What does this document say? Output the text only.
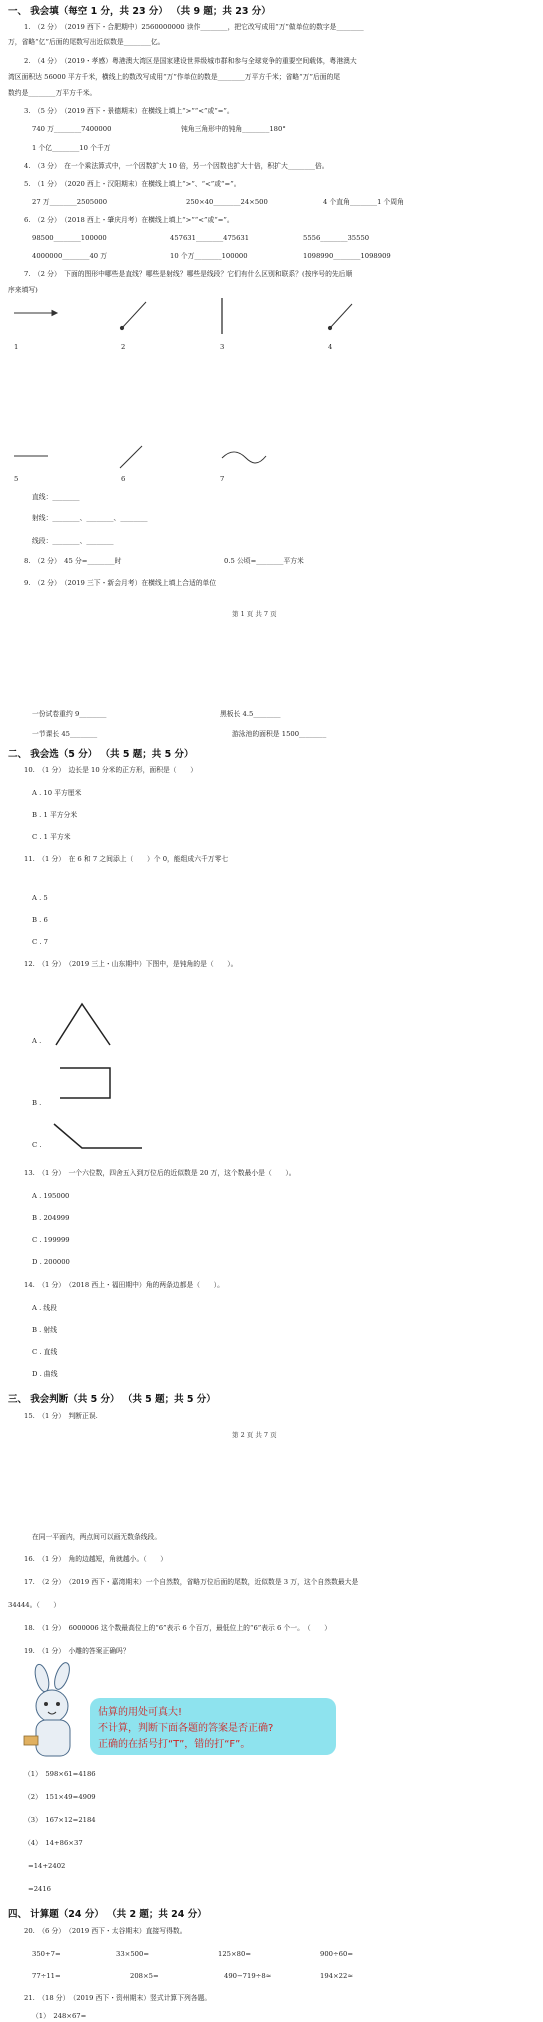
一、 我会填（每空 1 分，共 23 分） （共 9 题；共 23 分）
1.　（2 分）　（2019 西下・合肥期中）2560000000 读作________，把它改写成用“万”做单位的数字是________
万，省略“亿”后面的尾数写出近似数是________亿。
2.　（4 分）　（2019・孝感）粤港澳大湾区是国家建设世界级城市群和参与全球竞争的重要空间载体，粤港澳大
湾区面积达 56000 平方千米，横线上的数改写成用“万”作单位的数是________万平方千米；省略“万”后面的尾
数约是________万平方千米。
3.　（5 分）　（2019 西下・景德期末）在横线上填上“>”“<”或“=”。
740 万________7400000	钝角三角形中的钝角________180°
1 个亿________10 个千万
4.　（3 分）　在一个乘法算式中，一个因数扩大 10 倍，另一个因数也扩大十倍，积扩大________倍。
5.　（1 分）　（2020 西上・汉阳期末）在横线上填上“>”、“<”或“=”。
27 万________2505000	250×40________24×500	4 个直角________1 个周角
6.　（2 分）　（2018 西上・肇庆月考）在横线上填上“>”“<”或“=”。
98500________100000	457631________475631	5556________35550
4000000________40 万	10 个万________100000	1098990________1098909
7.　（2 分）　下面的图形中哪些是直线？哪些是射线？哪些是线段？它们有什么区别和联系？(按序号的先后顺
序来填写)
1	2	3	4
5	6	7
直线：________
射线：________、________、________
线段：________、________
8.　（2 分）　45 分=________时	0.5 公顷=________平方米
9.　（2 分）　（2019 三下・新会月考）在横线上填上合适的单位
第 1 页 共 7 页
一份试卷重约 9________	黑板长 4.5________
一节课长 45________	游泳池的面积是 1500________
二、 我会选（5 分） （共 5 题；共 5 分）
10.　（1 分）　边长是 10 分米的正方形，面积是（　　）
A . 10 平方厘米
B . 1 平方分米
C . 1 平方米
11.　（1 分）　在 6 和 7 之间添上（　　）个 0，能组成六千万零七
A . 5
B . 6
C . 7
12.　（1 分）　（2019 三上・山东期中）下图中，是钝角的是（　　）。
A .
B .
C .
13.　（1 分）　一个六位数，四舍五入到万位后的近似数是 20 万，这个数最小是（　　）。
A . 195000
B . 204999
C . 199999
D . 200000
14.　（1 分）　（2018 西上・福田期中）角的两条边都是（　　）。
A . 线段
B . 射线
C . 直线
D . 曲线
三、 我会判断（共 5 分） （共 5 题；共 5 分）
15.　（1 分）　判断正误.
第 2 页 共 7 页
在同一平面内，两点间可以画无数条线段。
16.　（1 分）　角的边越短，角就越小。（　　）
17.　（2 分）　（2019 西下・嘉湾期末）一个自然数，省略万位后面的尾数，近似数是 3 万，这个自然数最大是
34444。（　　）
18.　（1 分）　6000006 这个数最高位上的“6”表示 6 个百万，最低位上的“6”表示 6 个一。　（　　）
19.　（1 分）　小雕的答案正确吗？
估算的用处可真大!
不计算，判断下面各题的答案是否正确?
正确的在括号打“T”，错的打“F”。
（1）　598×61=4186
（2）　151×49=4909
（3）　167×12=2184
（4）　14+86×37
=14+2402
=2416
四、 计算题（24 分） （共 2 题；共 24 分）
20.　（6 分）　（2019 西下・太谷期末）直接写得数。
350+7=	33×500=	125×80=	900÷60=
77÷11=	208×5=	490−719÷8≈	194×22≈
21.　（18 分）　（2019 西下・资州期末）竖式计算下列各题。
（1）　248×67=
